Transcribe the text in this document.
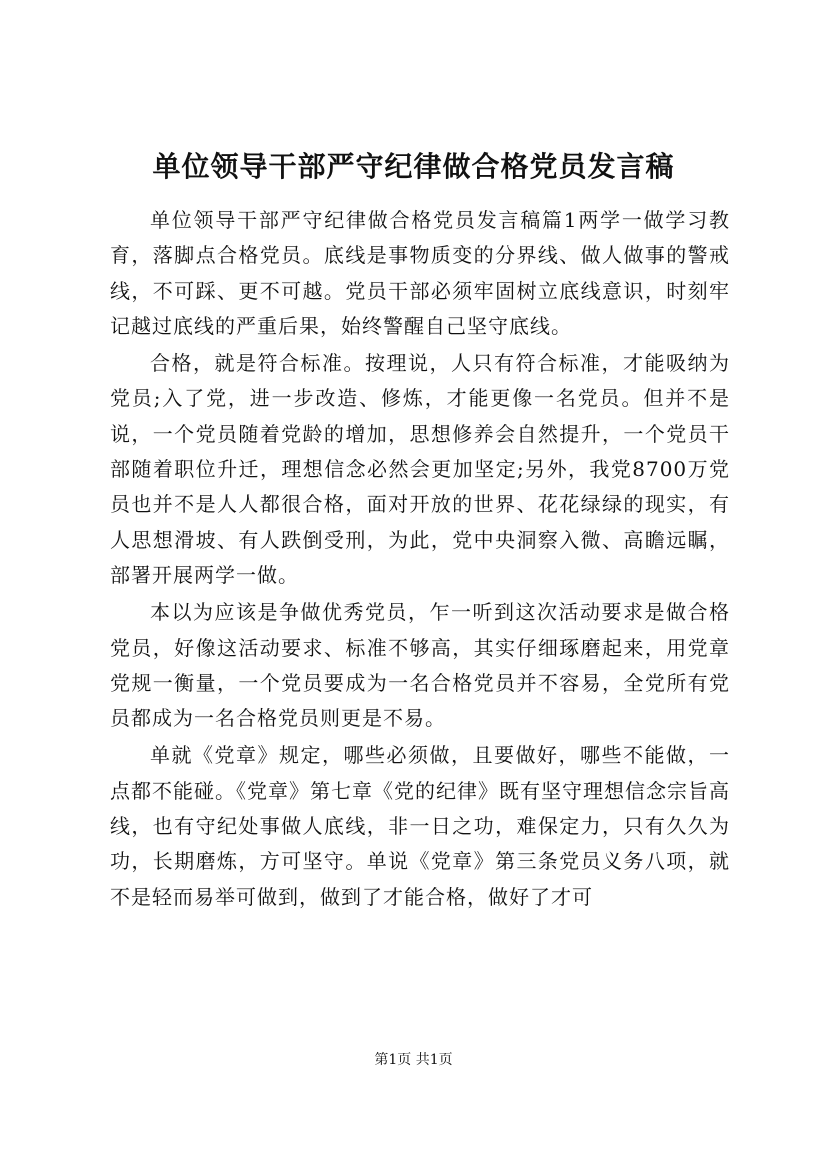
单位领导干部严守纪律做合格党员发言稿

单位领导干部严守纪律做合格党员发言稿篇1两学一做学习教育，落脚点合格党员。底线是事物质变的分界线、做人做事的警戒线，不可踩、更不可越。党员干部必须牢固树立底线意识，时刻牢记越过底线的严重后果，始终警醒自己坚守底线。

合格，就是符合标准。按理说，人只有符合标准，才能吸纳为党员;入了党，进一步改造、修炼，才能更像一名党员。但并不是说，一个党员随着党龄的增加，思想修养会自然提升，一个党员干部随着职位升迁，理想信念必然会更加坚定;另外，我党8700万党员也并不是人人都很合格，面对开放的世界、花花绿绿的现实，有人思想滑坡、有人跌倒受刑，为此，党中央洞察入微、高瞻远瞩，部署开展两学一做。

本以为应该是争做优秀党员，乍一听到这次活动要求是做合格党员，好像这活动要求、标准不够高，其实仔细琢磨起来，用党章党规一衡量，一个党员要成为一名合格党员并不容易，全党所有党员都成为一名合格党员则更是不易。

单就《党章》规定，哪些必须做，且要做好，哪些不能做，一点都不能碰。《党章》第七章《党的纪律》既有坚守理想信念宗旨高线，也有守纪处事做人底线，非一日之功，难保定力，只有久久为功，长期磨炼，方可坚守。单说《党章》第三条党员义务八项，就不是轻而易举可做到，做到了才能合格，做好了才可

第1页 共1页
